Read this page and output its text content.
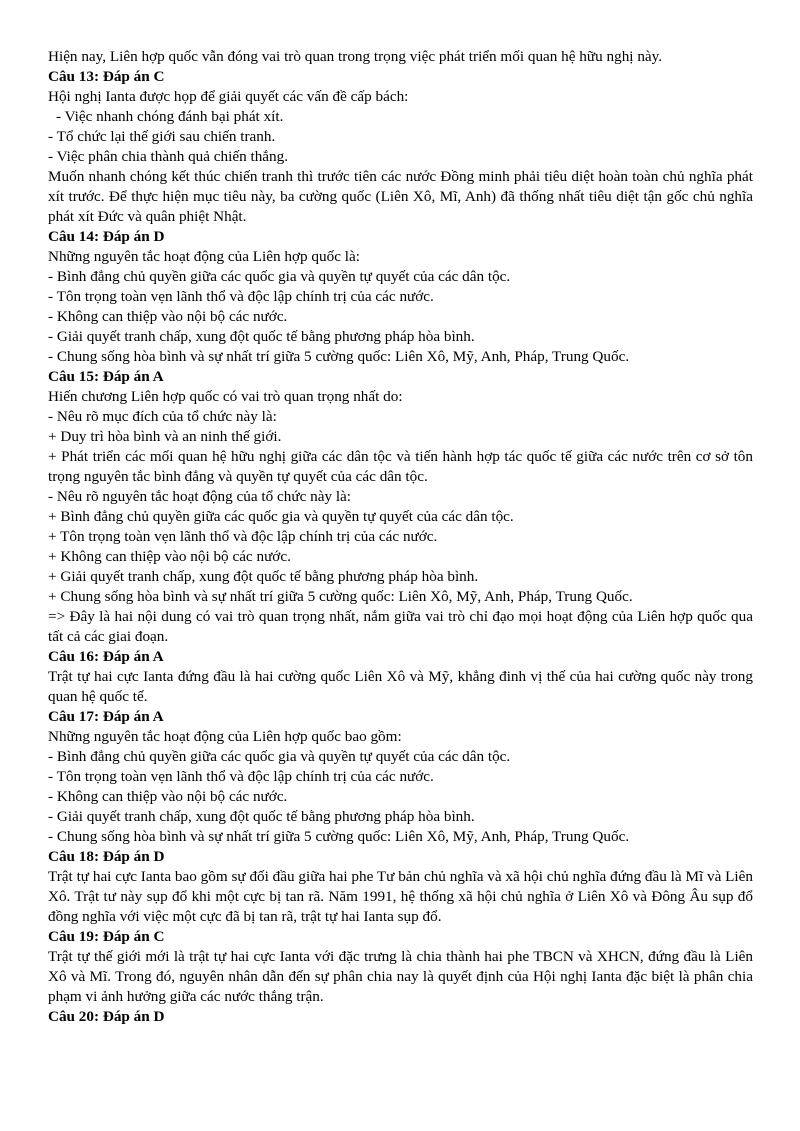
Hiện nay, Liên hợp quốc vẫn đóng vai trò quan trong trọng việc phát triển mối quan hệ hữu nghị này.

Câu 13: Đáp án C

Hội nghị Ianta được họp để giải quyết các vấn đề cấp bách:

- Việc nhanh chóng đánh bại phát xít.

- Tổ chức lại thế giới sau chiến tranh.

- Việc phân chia thành quả chiến thắng.

Muốn nhanh chóng kết thúc chiến tranh thì trước tiên các nước Đồng minh phải tiêu diệt hoàn toàn chủ nghĩa phát xít trước. Để thực hiện mục tiêu này, ba cường quốc (Liên Xô, Mĩ, Anh) đã thống nhất tiêu diệt tận gốc chủ nghĩa phát xít Đức và quân phiệt Nhật.

Câu 14: Đáp án D

Những nguyên tắc hoạt động của Liên hợp quốc là:

- Bình đẳng chủ quyền giữa các quốc gia và quyền tự quyết của các dân tộc.

- Tôn trọng toàn vẹn lãnh thổ và độc lập chính trị của các nước.

- Không can thiệp vào nội bộ các nước.

- Giải quyết tranh chấp, xung đột quốc tế bằng phương pháp hòa bình.

- Chung sống hòa bình và sự nhất trí giữa 5 cường quốc: Liên Xô, Mỹ, Anh, Pháp, Trung Quốc.

Câu 15: Đáp án A

Hiến chương Liên hợp quốc có vai trò quan trọng nhất do:

- Nêu rõ mục đích của tổ chức này là:

+ Duy trì hòa bình và an ninh thế giới.

+ Phát triển các mối quan hệ hữu nghị giữa các dân tộc và tiến hành hợp tác quốc tế giữa các nước trên cơ sở tôn trọng nguyên tắc bình đẳng và quyền tự quyết của các dân tộc.

- Nêu rõ nguyên tắc hoạt động của tổ chức này là:

+ Bình đẳng chủ quyền giữa các quốc gia và quyền tự quyết của các dân tộc.

+ Tôn trọng toàn vẹn lãnh thổ và độc lập chính trị của các nước.

+ Không can thiệp vào nội bộ các nước.

+ Giải quyết tranh chấp, xung đột quốc tế bằng phương pháp hòa bình.

+ Chung sống hòa bình và sự nhất trí giữa 5 cường quốc: Liên Xô, Mỹ, Anh, Pháp, Trung Quốc.

=> Đây là hai nội dung có vai trò quan trọng nhất, nắm giữa vai trò chỉ đạo mọi hoạt động của Liên hợp quốc qua tất cả các giai đoạn.

Câu 16: Đáp án A

Trật tự hai cực Ianta đứng đầu là hai cường quốc Liên Xô và Mỹ, khẳng đinh vị thế của hai cường quốc này trong quan hệ quốc tế.

Câu 17: Đáp án A

Những nguyên tắc hoạt động của Liên hợp quốc bao gồm:

- Bình đẳng chủ quyền giữa các quốc gia và quyền tự quyết của các dân tộc.

- Tôn trọng toàn vẹn lãnh thổ và độc lập chính trị của các nước.

- Không can thiệp vào nội bộ các nước.

- Giải quyết tranh chấp, xung đột quốc tế bằng phương pháp hòa bình.

- Chung sống hòa bình và sự nhất trí giữa 5 cường quốc: Liên Xô, Mỹ, Anh, Pháp, Trung Quốc.

Câu 18: Đáp án D

Trật tự hai cực Ianta bao gồm sự đối đầu giữa hai phe Tư bản chủ nghĩa và xã hội chủ nghĩa đứng đầu là Mĩ và Liên Xô. Trật tư này sụp đổ khi một cực bị tan rã. Năm 1991, hệ thống xã hội chủ nghĩa ở Liên Xô và Đông Âu sụp đổ đồng nghĩa với việc một cực đã bị tan rã, trật tự hai Ianta sụp đổ.

Câu 19: Đáp án C

Trật tự thế giới mới là trật tự hai cực Ianta với đặc trưng là chia thành hai phe TBCN và XHCN, đứng đầu là Liên Xô và Mĩ. Trong đó, nguyên nhân dẫn đến sự phân chia nay là quyết định của Hội nghị Ianta đặc biệt là phân chia phạm vi ảnh hưởng giữa các nước thắng trận.

Câu 20: Đáp án D
